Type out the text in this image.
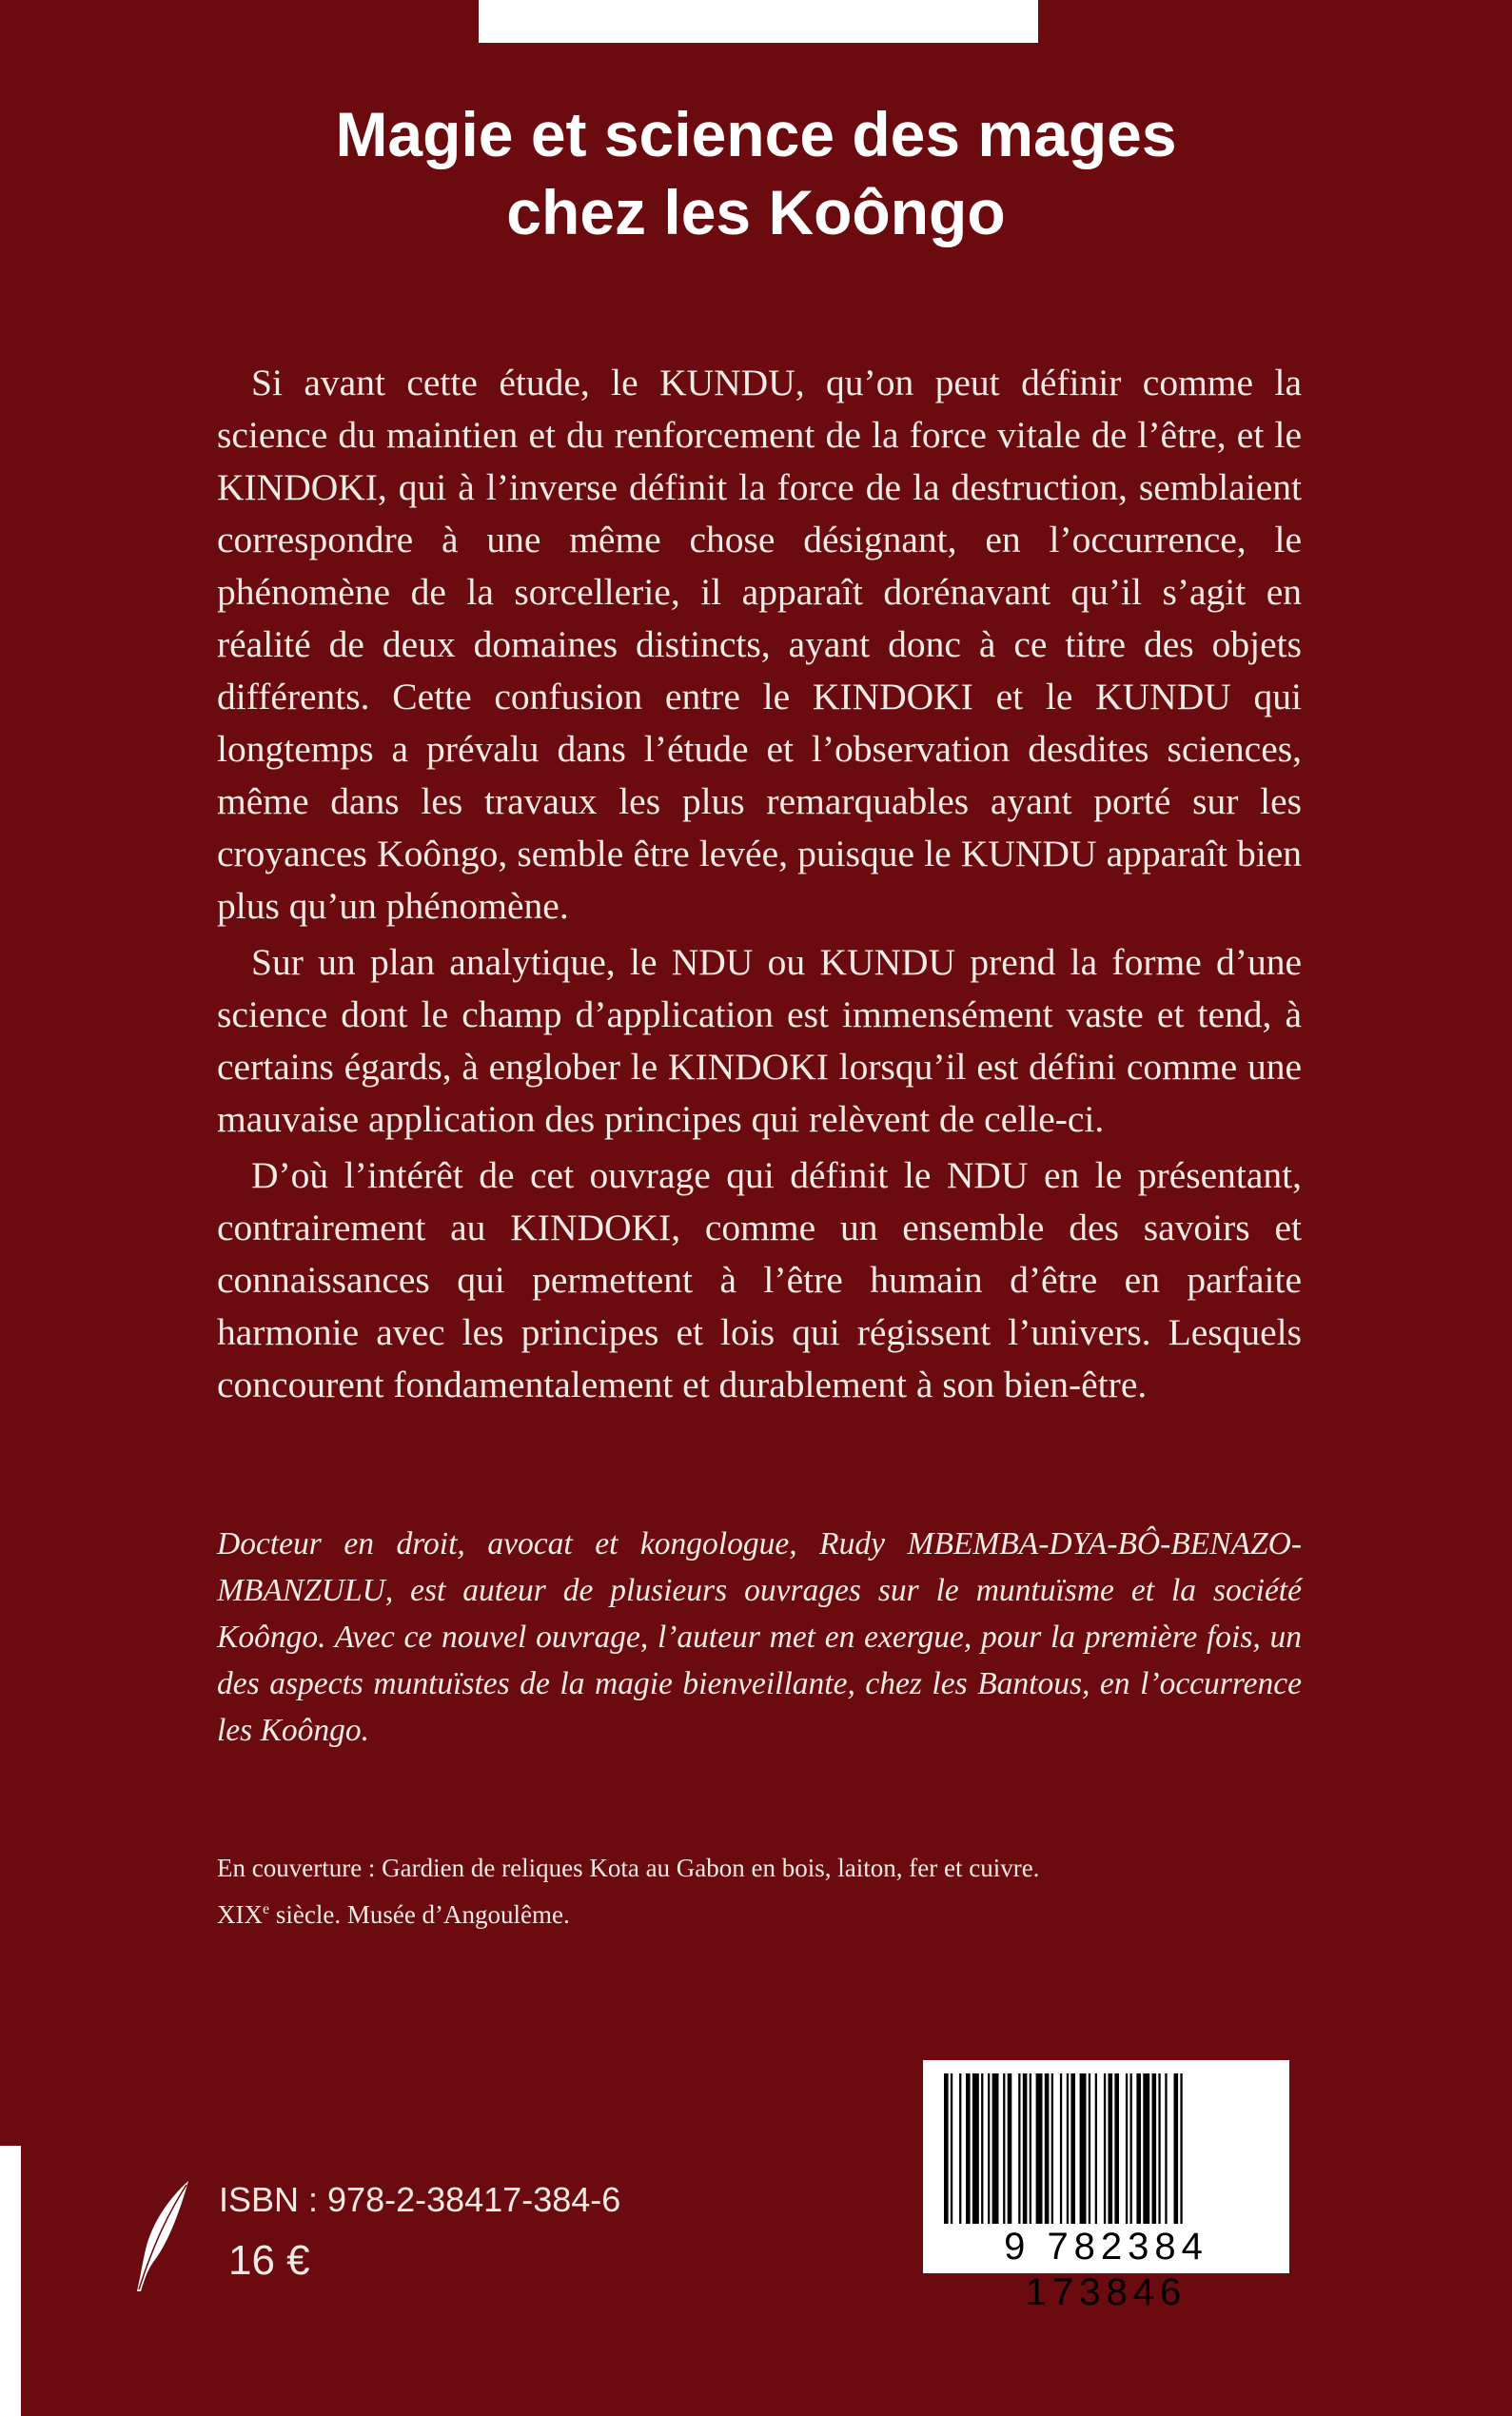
Magie et science des mages
chez les Koôngo

Si avant cette étude, le KUNDU, qu’on peut définir comme la science du maintien et du renforcement de la force vitale de l’être, et le KINDOKI, qui à l’inverse définit la force de la destruction, semblaient correspondre à une même chose désignant, en l’occurrence, le phénomène de la sorcellerie, il apparaît dorénavant qu’il s’agit en réalité de deux domaines distincts, ayant donc à ce titre des objets différents. Cette confusion entre le KINDOKI et le KUNDU qui longtemps a prévalu dans l’étude et l’observation desdites sciences, même dans les travaux les plus remarquables ayant porté sur les croyances Koôngo, semble être levée, puisque le KUNDU apparaît bien plus qu’un phénomène.

Sur un plan analytique, le NDU ou KUNDU prend la forme d’une science dont le champ d’application est immensément vaste et tend, à certains égards, à englober le KINDOKI lorsqu’il est défini comme une mauvaise application des principes qui relèvent de celle-ci.

D’où l’intérêt de cet ouvrage qui définit le NDU en le présentant, contrairement au KINDOKI, comme un ensemble des savoirs et connaissances qui permettent à l’être humain d’être en parfaite harmonie avec les principes et lois qui régissent l’univers. Lesquels concourent fondamentalement et durablement à son bien-être.

Docteur en droit, avocat et kongologue, Rudy MBEMBA-DYA-BÔ-BENAZO-MBANZULU, est auteur de plusieurs ouvrages sur le muntuïsme et la société Koôngo. Avec ce nouvel ouvrage, l’auteur met en exergue, pour la première fois, un des aspects muntuïstes de la magie bienveillante, chez les Bantous, en l’occurrence les Koôngo.

En couverture : Gardien de reliques Kota au Gabon en bois, laiton, fer et cuivre.
XIXe siècle. Musée d’Angoulême.

9 782384 173846
ISBN : 978-2-38417-384-6
16 €
